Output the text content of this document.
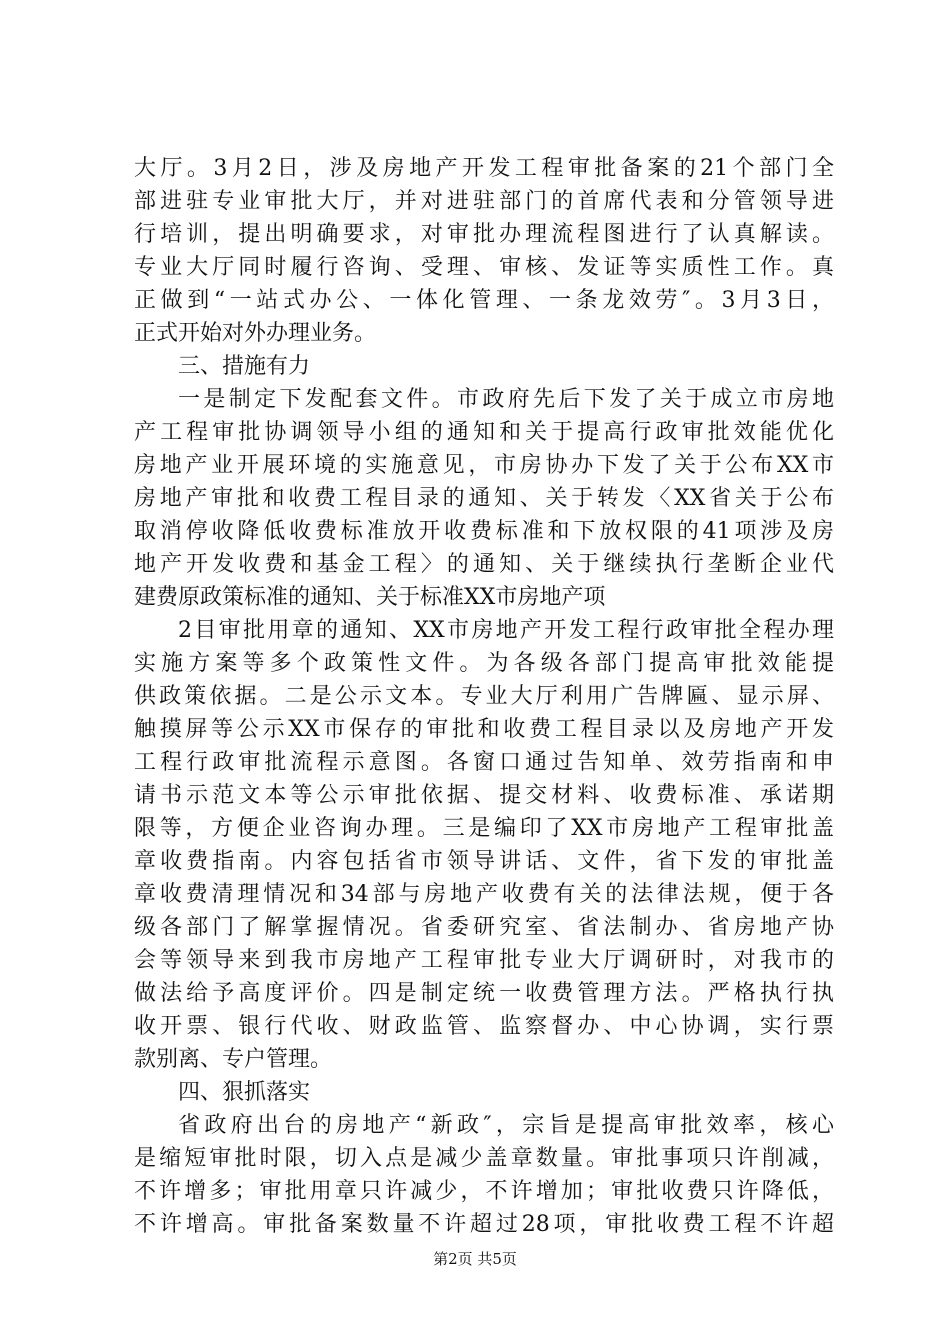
大厅。3月2日，涉及房地产开发工程审批备案的21个部门全
部进驻专业审批大厅，并对进驻部门的首席代表和分管领导进
行培训，提出明确要求，对审批办理流程图进行了认真解读。
专业大厅同时履行咨询、受理、审核、发证等实质性工作。真
正做到“一站式办公、一体化管理、一条龙效劳″。3月3日，
正式开始对外办理业务。
三、措施有力
一是制定下发配套文件。市政府先后下发了关于成立市房地
产工程审批协调领导小组的通知和关于提高行政审批效能优化
房地产业开展环境的实施意见，市房协办下发了关于公布XX市
房地产审批和收费工程目录的通知、关于转发〈XX省关于公布
取消停收降低收费标准放开收费标准和下放权限的41项涉及房
地产开发收费和基金工程〉的通知、关于继续执行垄断企业代
建费原政策标准的通知、关于标准XX市房地产项
2目审批用章的通知、XX市房地产开发工程行政审批全程办理
实施方案等多个政策性文件。为各级各部门提高审批效能提
供政策依据。二是公示文本。专业大厅利用广告牌匾、显示屏、
触摸屏等公示XX市保存的审批和收费工程目录以及房地产开发
工程行政审批流程示意图。各窗口通过告知单、效劳指南和申
请书示范文本等公示审批依据、提交材料、收费标准、承诺期
限等，方便企业咨询办理。三是编印了XX市房地产工程审批盖
章收费指南。内容包括省市领导讲话、文件，省下发的审批盖
章收费清理情况和34部与房地产收费有关的法律法规，便于各
级各部门了解掌握情况。省委研究室、省法制办、省房地产协
会等领导来到我市房地产工程审批专业大厅调研时，对我市的
做法给予高度评价。四是制定统一收费管理方法。严格执行执
收开票、银行代收、财政监管、监察督办、中心协调，实行票
款别离、专户管理。
四、狠抓落实
省政府出台的房地产“新政″，宗旨是提高审批效率，核心
是缩短审批时限，切入点是减少盖章数量。审批事项只许削减，
不许增多；审批用章只许减少，不许增加；审批收费只许降低，
不许增高。审批备案数量不许超过28项，审批收费工程不许超
第2页 共5页
